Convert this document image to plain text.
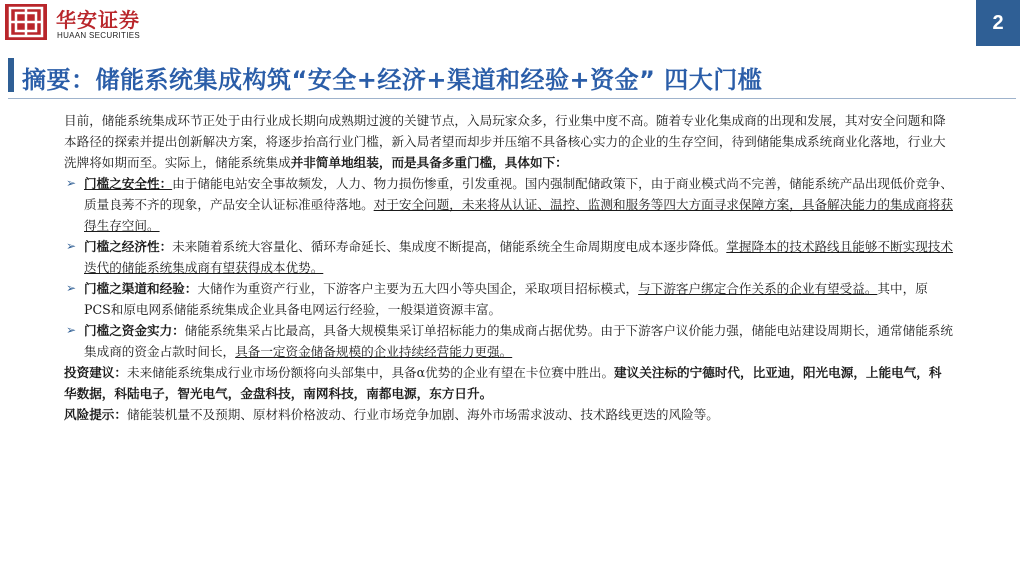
华安证券
HUAAN SECURITIES
2
摘要：储能系统集成构筑“安全+经济+渠道和经验+资金” 四大门槛

目前，储能系统集成环节正处于由行业成长期向成熟期过渡的关键节点，入局玩家众多，行业集中度不高。随着专业化集成商的出现和发展，其对安全问题和降本路径的探索并提出创新解决方案，将逐步抬高行业门槛，新入局者望而却步并压缩不具备核心实力的企业的生存空间，待到储能集成系统商业化落地，行业大洗牌将如期而至。实际上，储能系统集成并非简单地组装，而是具备多重门槛，具体如下：

➢ 门槛之安全性：由于储能电站安全事故频发，人力、物力损伤惨重，引发重视。国内强制配储政策下，由于商业模式尚不完善，储能系统产品出现低价竞争、质量良莠不齐的现象，产品安全认证标准亟待落地。对于安全问题，未来将从认证、温控、监测和服务等四大方面寻求保障方案，具备解决能力的集成商将获得生存空间。

➢ 门槛之经济性：未来随着系统大容量化、循环寿命延长、集成度不断提高，储能系统全生命周期度电成本逐步降低。掌握降本的技术路线且能够不断实现技术迭代的储能系统集成商有望获得成本优势。

➢ 门槛之渠道和经验：大储作为重资产行业，下游客户主要为五大四小等央国企，采取项目招标模式，与下游客户绑定合作关系的企业有望受益。其中，原PCS和原电网系储能系统集成企业具备电网运行经验，一般渠道资源丰富。

➢ 门槛之资金实力：储能系统集采占比最高，具备大规模集采订单招标能力的集成商占据优势。由于下游客户议价能力强，储能电站建设周期长，通常储能系统集成商的资金占款时间长，具备一定资金储备规模的企业持续经营能力更强。

投资建议：未来储能系统集成行业市场份额将向头部集中，具备α优势的企业有望在卡位赛中胜出。建议关注标的宁德时代，比亚迪，阳光电源，上能电气，科华数据，科陆电子，智光电气，金盘科技，南网科技，南都电源，东方日升。

风险提示：储能装机量不及预期、原材料价格波动、行业市场竞争加剧、海外市场需求波动、技术路线更迭的风险等。
